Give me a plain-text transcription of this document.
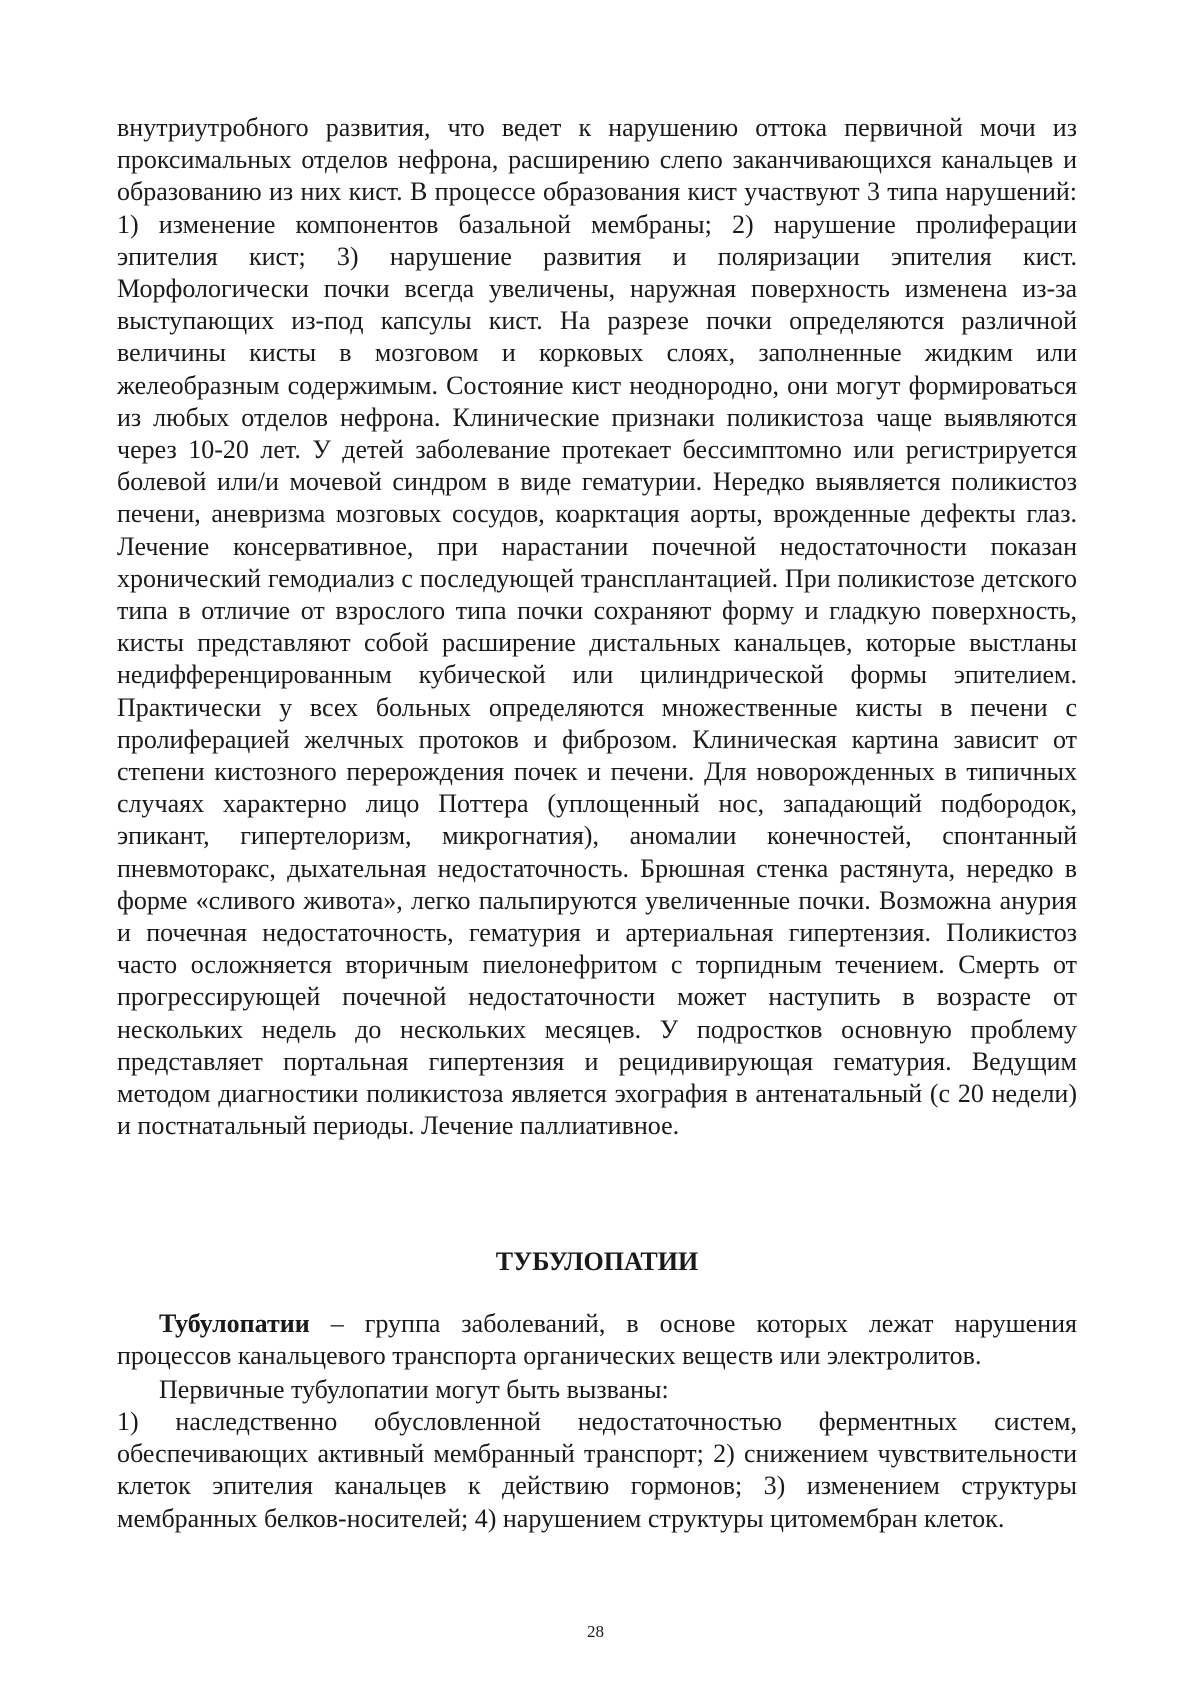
внутриутробного развития, что ведет к нарушению оттока первичной мочи из проксимальных отделов нефрона, расширению слепо заканчивающихся канальцев и образованию из них кист. В процессе образования кист участвуют 3 типа нарушений: 1) изменение компонентов базальной мембраны; 2) нарушение пролиферации эпителия кист; 3) нарушение развития и поляризации эпителия кист. Морфологически почки всегда увеличены, наружная поверхность изменена из-за выступающих из-под капсулы кист. На разрезе почки определяются различной величины кисты в мозговом и корковых слоях, заполненные жидким или желеобразным содержимым. Состояние кист неоднородно, они могут формироваться из любых отделов нефрона. Клинические признаки поликистоза чаще выявляются через 10-20 лет. У детей заболевание протекает бессимптомно или регистрируется болевой или/и мочевой синдром в виде гематурии. Нередко выявляется поликистоз печени, аневризма мозговых сосудов, коарктация аорты, врожденные дефекты глаз. Лечение консервативное, при нарастании почечной недостаточности показан хронический гемодиализ с последующей трансплантацией. При поликистозе детского типа в отличие от взрослого типа почки сохраняют форму и гладкую поверхность, кисты представляют собой расширение дистальных канальцев, которые выстланы недифференцированным кубической или цилиндрической формы эпителием. Практически у всех больных определяются множественные кисты в печени с пролиферацией желчных протоков и фиброзом. Клиническая картина зависит от степени кистозного перерождения почек и печени. Для новорожденных в типичных случаях характерно лицо Поттера (уплощенный нос, западающий подбородок, эпикант, гипертелоризм, микрогнатия), аномалии конечностей, спонтанный пневмоторакс, дыхательная недостаточность. Брюшная стенка растянута, нередко в форме «сливого живота», легко пальпируются увеличенные почки. Возможна анурия и почечная недостаточность, гематурия и артериальная гипертензия. Поликистоз часто осложняется вторичным пиелонефритом с торпидным течением. Смерть от прогрессирующей почечной недостаточности может наступить в возрасте от нескольких недель до нескольких месяцев. У подростков основную проблему представляет портальная гипертензия и рецидивирующая гематурия. Ведущим методом диагностики поликистоза является эхография в антенатальный (с 20 недели) и постнатальный периоды. Лечение паллиативное.

ТУБУЛОПАТИИ

Тубулопатии – группа заболеваний, в основе которых лежат нарушения процессов канальцевого транспорта органических веществ или электролитов.

Первичные тубулопатии могут быть вызваны:

1) наследственно обусловленной недостаточностью ферментных систем, обеспечивающих активный мембранный транспорт; 2) снижением чувствительности клеток эпителия канальцев к действию гормонов; 3) изменением структуры мембранных белков-носителей; 4) нарушением структуры цитомембран клеток.

28
